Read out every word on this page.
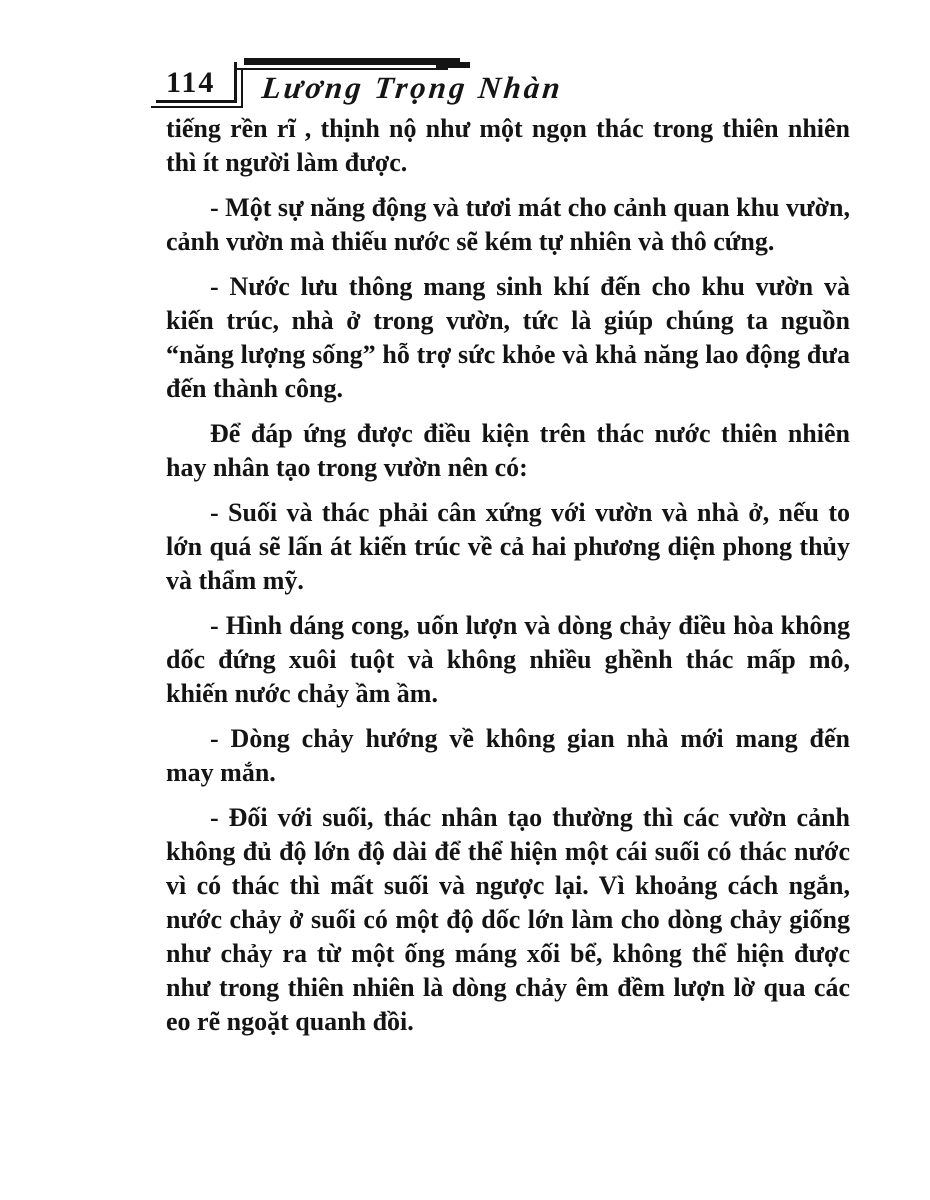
114 Lương Trọng Nhàn

tiếng rền rĩ , thịnh nộ như một ngọn thác trong thiên nhiên thì ít người làm được.

- Một sự năng động và tươi mát cho cảnh quan khu vườn, cảnh vườn mà thiếu nước sẽ kém tự nhiên và thô cứng.

- Nước lưu thông mang sinh khí đến cho khu vườn và kiến trúc, nhà ở trong vườn, tức là giúp chúng ta nguồn “năng lượng sống” hỗ trợ sức khỏe và khả năng lao động đưa đến thành công.

Để đáp ứng được điều kiện trên thác nước thiên nhiên hay nhân tạo trong vườn nên có:

- Suối và thác phải cân xứng với vườn và nhà ở, nếu to lớn quá sẽ lấn át kiến trúc về cả hai phương diện phong thủy và thẩm mỹ.

- Hình dáng cong, uốn lượn và dòng chảy điều hòa không dốc đứng xuôi tuột và không nhiều ghềnh thác mấp mô, khiến nước chảy ầm ầm.

- Dòng chảy hướng về không gian nhà mới mang đến may mắn.

- Đối với suối, thác nhân tạo thường thì các vườn cảnh không đủ độ lớn độ dài để thể hiện một cái suối có thác nước vì có thác thì mất suối và ngược lại. Vì khoảng cách ngắn, nước chảy ở suối có một độ dốc lớn làm cho dòng chảy giống như chảy ra từ một ống máng xối bể, không thể hiện được như trong thiên nhiên là dòng chảy êm đềm lượn lờ qua các eo rẽ ngoặt quanh đồi.
